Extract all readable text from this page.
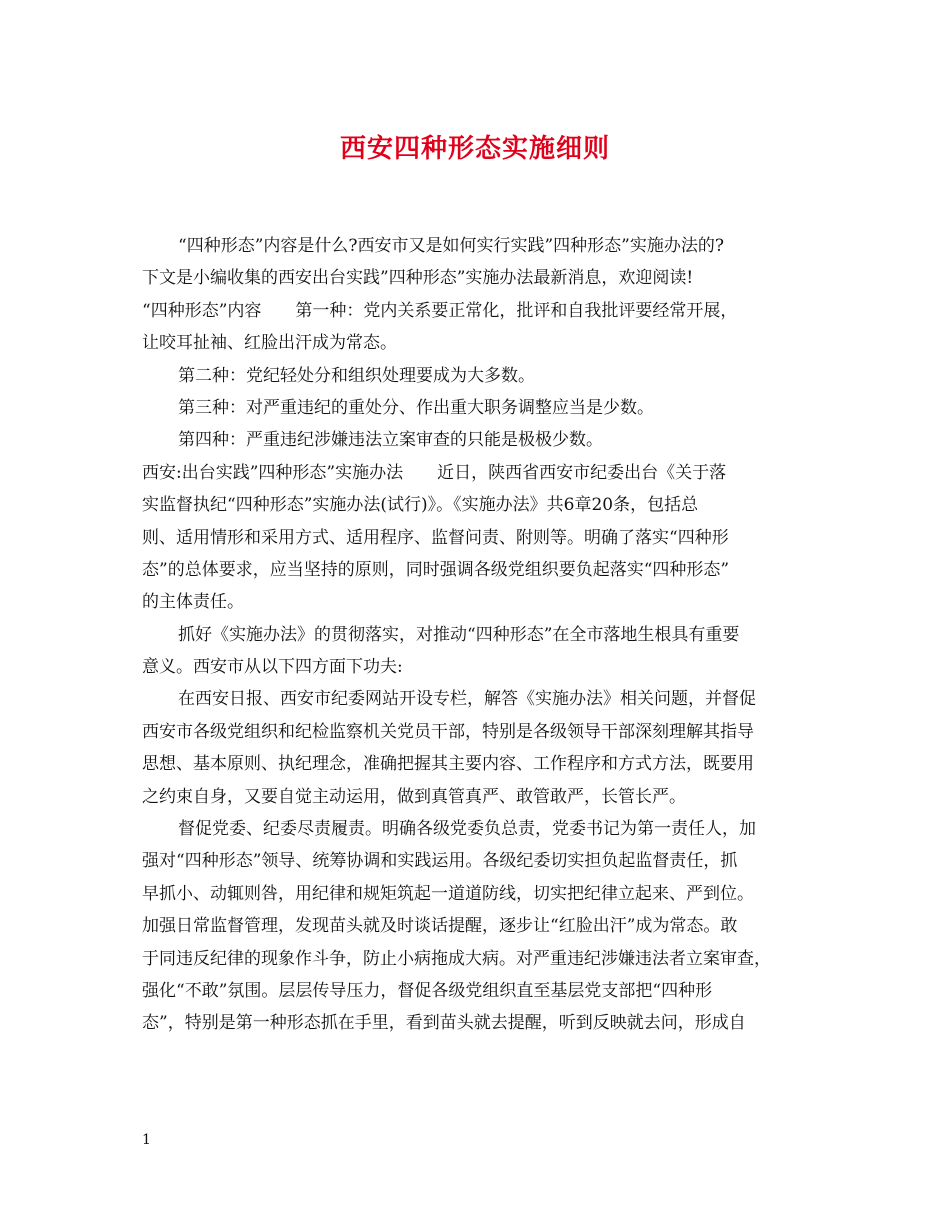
西安四种形态实施细则
“四种形态”内容是什么?西安市又是如何实行实践”四种形态”实施办法的?
下文是小编收集的西安出台实践”四种形态”实施办法最新消息，欢迎阅读!
“四种形态”内容　　第一种：党内关系要正常化，批评和自我批评要经常开展，
让咬耳扯袖、红脸出汗成为常态。
第二种：党纪轻处分和组织处理要成为大多数。
第三种：对严重违纪的重处分、作出重大职务调整应当是少数。
第四种：严重违纪涉嫌违法立案审查的只能是极极少数。
西安:出台实践”四种形态”实施办法　　近日，陕西省西安市纪委出台《关于落
实监督执纪“四种形态”实施办法(试行)》。《实施办法》共6章20条，包括总
则、适用情形和采用方式、适用程序、监督问责、附则等。明确了落实“四种形
态”的总体要求，应当坚持的原则，同时强调各级党组织要负起落实“四种形态”
的主体责任。
抓好《实施办法》的贯彻落实，对推动“四种形态”在全市落地生根具有重要
意义。西安市从以下四方面下功夫:
在西安日报、西安市纪委网站开设专栏，解答《实施办法》相关问题，并督促
西安市各级党组织和纪检监察机关党员干部，特别是各级领导干部深刻理解其指导
思想、基本原则、执纪理念，准确把握其主要内容、工作程序和方式方法，既要用
之约束自身，又要自觉主动运用，做到真管真严、敢管敢严，长管长严。
督促党委、纪委尽责履责。明确各级党委负总责，党委书记为第一责任人，加
强对“四种形态”领导、统筹协调和实践运用。各级纪委切实担负起监督责任，抓
早抓小、动辄则咎，用纪律和规矩筑起一道道防线，切实把纪律立起来、严到位。
加强日常监督管理，发现苗头就及时谈话提醒，逐步让“红脸出汗”成为常态。敢
于同违反纪律的现象作斗争，防止小病拖成大病。对严重违纪涉嫌违法者立案审查，
强化“不敢”氛围。层层传导压力，督促各级党组织直至基层党支部把“四种形
态”，特别是第一种形态抓在手里，看到苗头就去提醒，听到反映就去问，形成自
1
